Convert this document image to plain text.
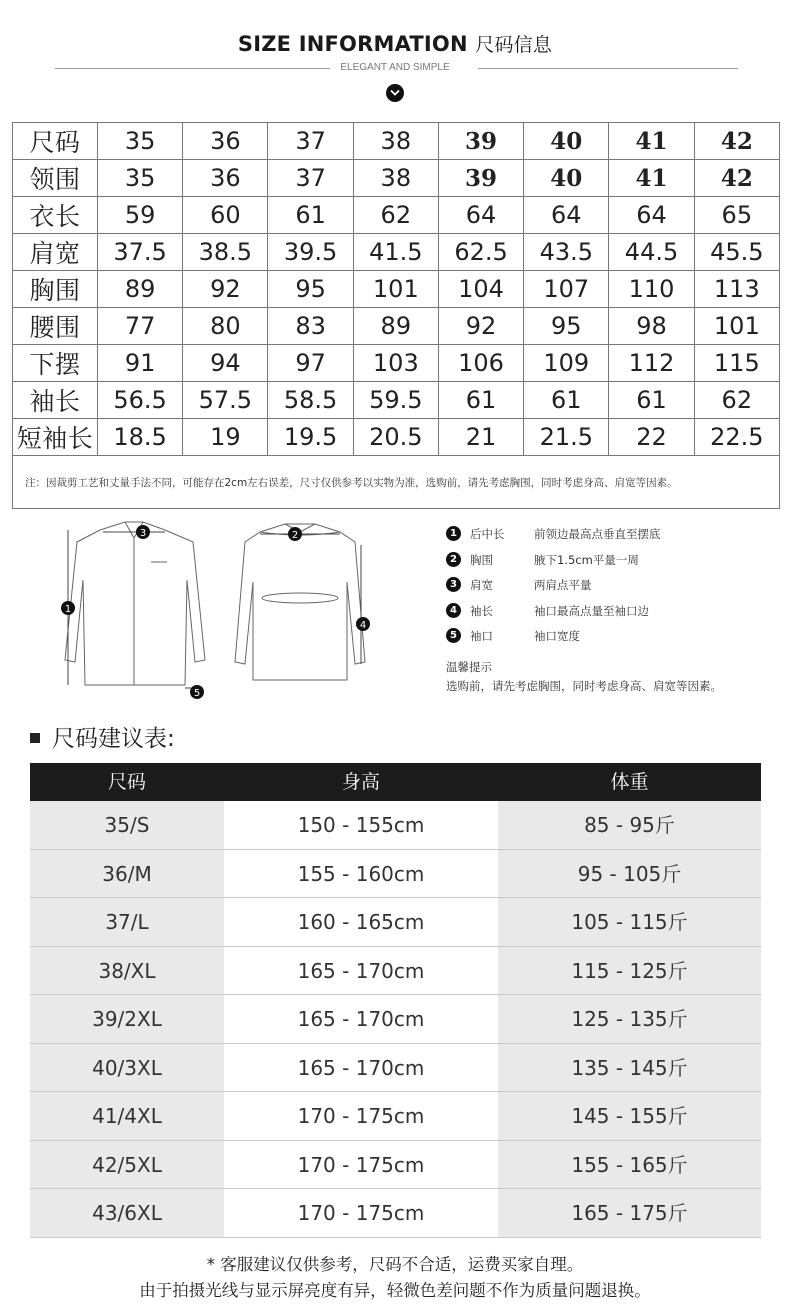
SIZE INFORMATION 尺码信息
ELEGANT AND SIMPLE
尺码	35	36	37	38	39	40	41	42
领围	35	36	37	38	39	40	41	42
衣长	59	60	61	62	64	64	64	65
肩宽	37.5	38.5	39.5	41.5	62.5	43.5	44.5	45.5
胸围	89	92	95	101	104	107	110	113
腰围	77	80	83	89	92	95	98	101
下摆	91	94	97	103	106	109	112	115
袖长	56.5	57.5	58.5	59.5	61	61	61	62
短袖长	18.5	19	19.5	20.5	21	21.5	22	22.5
注：因裁剪工艺和丈量手法不同，可能存在2cm左右误差，尺寸仅供参考以实物为准，选购前，请先考虑胸围，同时考虑身高、肩宽等因素。								
3
1
2
4
5
1	后中长	前领边最高点垂直至摆底
2	胸围	腋下1.5cm平量一周
3	肩宽	两肩点平量
4	袖长	袖口最高点量至袖口边
5	袖口	袖口宽度
温馨提示
选购前，请先考虑胸围，同时考虑身高、肩宽等因素。
尺码建议表:
尺码	身高	体重
35/S	150 - 155cm	85 - 95斤
36/M	155 - 160cm	95 - 105斤
37/L	160 - 165cm	105 - 115斤
38/XL	165 - 170cm	115 - 125斤
39/2XL	165 - 170cm	125 - 135斤
40/3XL	165 - 170cm	135 - 145斤
41/4XL	170 - 175cm	145 - 155斤
42/5XL	170 - 175cm	155 - 165斤
43/6XL	170 - 175cm	165 - 175斤
* 客服建议仅供参考，尺码不合适，运费买家自理。
由于拍摄光线与显示屏亮度有异，轻微色差问题不作为质量问题退换。
